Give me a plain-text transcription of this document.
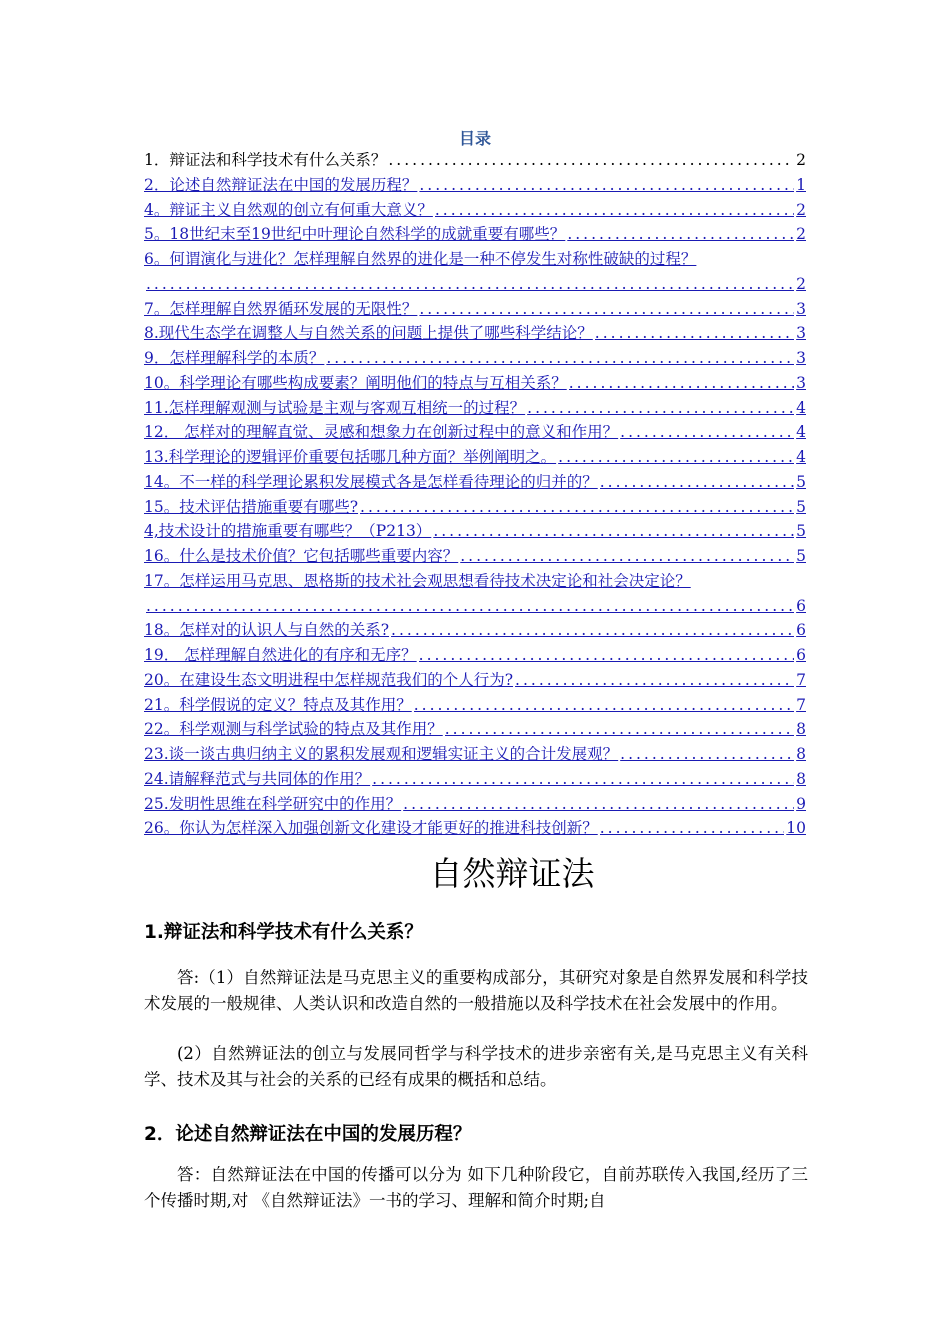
目录
1．辩证法和科学技术有什么关系？ .....	2
2．论述自然辩证法在中国的发展历程？ .....	1
4。辩证主义自然观的创立有何重大意义？ .....	2
5。18世纪末至19世纪中叶理论自然科学的成就重要有哪些？ .....	2
6。何谓演化与进化？怎样理解自然界的进化是一种不停发生对称性破缺的过程？
.....
2
7。怎样理解自然界循环发展的无限性？ .....	3
8.现代生态学在调整人与自然关系的问题上提供了哪些科学结论？ .....	3
9．怎样理解科学的本质？ .....	3
10。科学理论有哪些构成要素？阐明他们的特点与互相关系？ .....	3
11.怎样理解观测与试验是主观与客观互相统一的过程？ .....	4
12． 怎样对的理解直觉、灵感和想象力在创新过程中的意义和作用？ .....	4
13.科学理论的逻辑评价重要包括哪几种方面？举例阐明之。 .....	4
14。不一样的科学理论累积发展模式各是怎样看待理论的归并的？ .....	5
15。技术评估措施重要有哪些? .....	5
4,技术设计的措施重要有哪些？（P213） .....	5
16。什么是技术价值？它包括哪些重要内容？ .....	5
17。怎样运用马克思、恩格斯的技术社会观思想看待技术决定论和社会决定论？
.....
6
18。怎样对的认识人与自然的关系? .....	6
19． 怎样理解自然进化的有序和无序？ .....	6
20。在建设生态文明进程中怎样规范我们的个人行为? .....	7
21。科学假说的定义？特点及其作用？ .....	7
22。科学观测与科学试验的特点及其作用？ .....	8
23.谈一谈古典归纳主义的累积发展观和逻辑实证主义的合计发展观？ .....	8
24.请解释范式与共同体的作用？ .....	8
25.发明性思维在科学研究中的作用？ .....	9
26。你认为怎样深入加强创新文化建设才能更好的推进科技创新？ .....	10
自然辩证法
1.辩证法和科学技术有什么关系？
答:（1）自然辩证法是马克思主义的重要构成部分，其研究对象是自然界发展和科学技术发展的一般规律、人类认识和改造自然的一般措施以及科学技术在社会发展中的作用。
(2）自然辨证法的创立与发展同哲学与科学技术的进步亲密有关,是马克思主义有关科学、技术及其与社会的关系的已经有成果的概括和总结。
2．论述自然辩证法在中国的发展历程？
答：自然辩证法在中国的传播可以分为 如下几种阶段它，自前苏联传入我国,经历了三个传播时期,对 《自然辩证法》一书的学习、理解和简介时期;自
